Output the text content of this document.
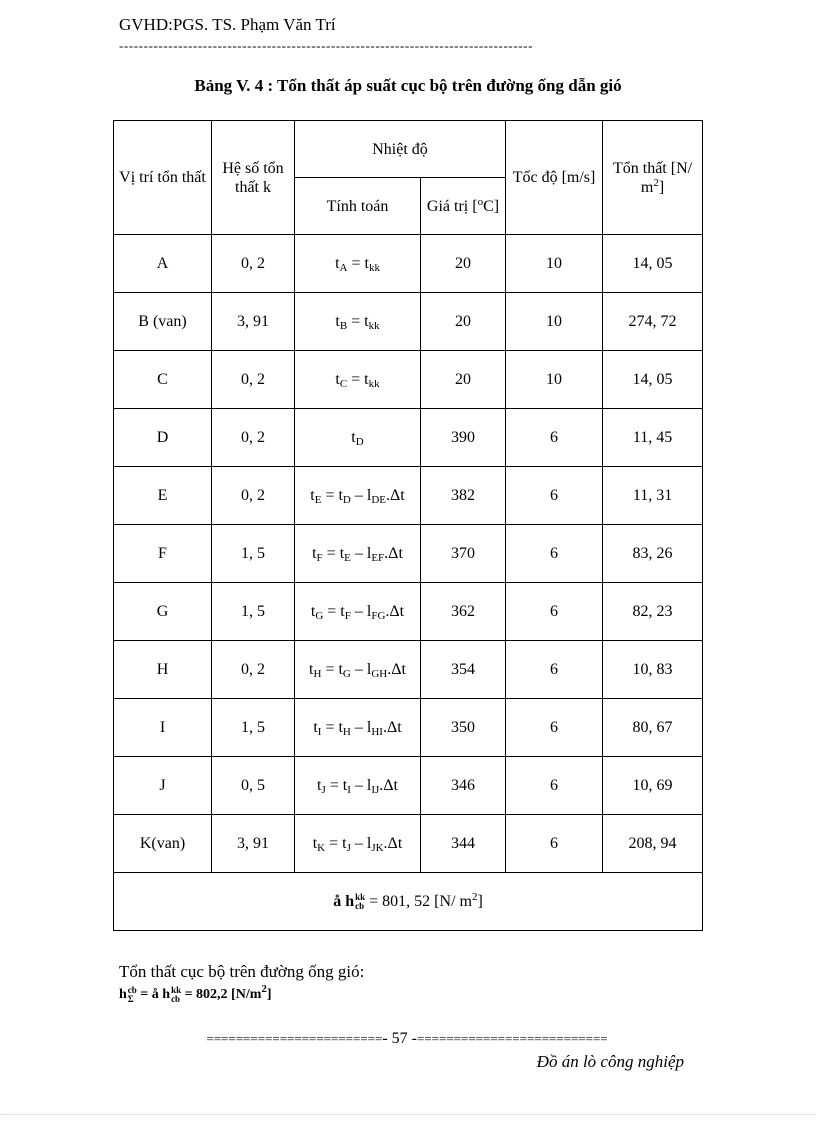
GVHD:PGS. TS. Phạm Văn Trí
------------------------------------------------------------------------------------
Bảng V. 4 : Tổn thất áp suất cục bộ trên đường ống dẫn gió
Vị trí tổn thất	Hệ số tổn thất k	Nhiệt độ		Tốc độ [m/s]	Tổn thất [N/ $m^2$]
		Tính toán	Giá trị [$^o$C]		
A	0, 2	$t_A = t_{kk}$	20	10	14, 05
B (van)	3, 91	$t_B = t_{kk}$	20	10	274, 72
C	0, 2	$t_C = t_{kk}$	20	10	14, 05
D	0, 2	$t_D$	390	6	11, 45
E	0, 2	$t_E = t_D - l_{DE}.\Delta t$	382	6	11, 31
F	1, 5	$t_F = t_E - l_{EF}.\Delta t$	370	6	83, 26
G	1, 5	$t_G = t_F - l_{FG}.\Delta t$	362	6	82, 23
H	0, 2	$t_H = t_G - l_{GH}.\Delta t$	354	6	10, 83
I	1, 5	$t_I = t_H - l_{HI}.\Delta t$	350	6	80, 67
J	0, 5	$t_J = t_I - l_{IJ}.\Delta t$	346	6	10, 69
K(van)	3, 91	$t_K = t_J - l_{JK}.\Delta t$	344	6	208, 94
å hkk
cb = 801, 52 [N/ $m^2$]					
Tổn thất cục bộ trên đường ống gió:
hcb
Σ = å hkk
cb = 802,2 $[N/m^2]$
========================- 57 -==========================
Đồ án lò công nghiệp
